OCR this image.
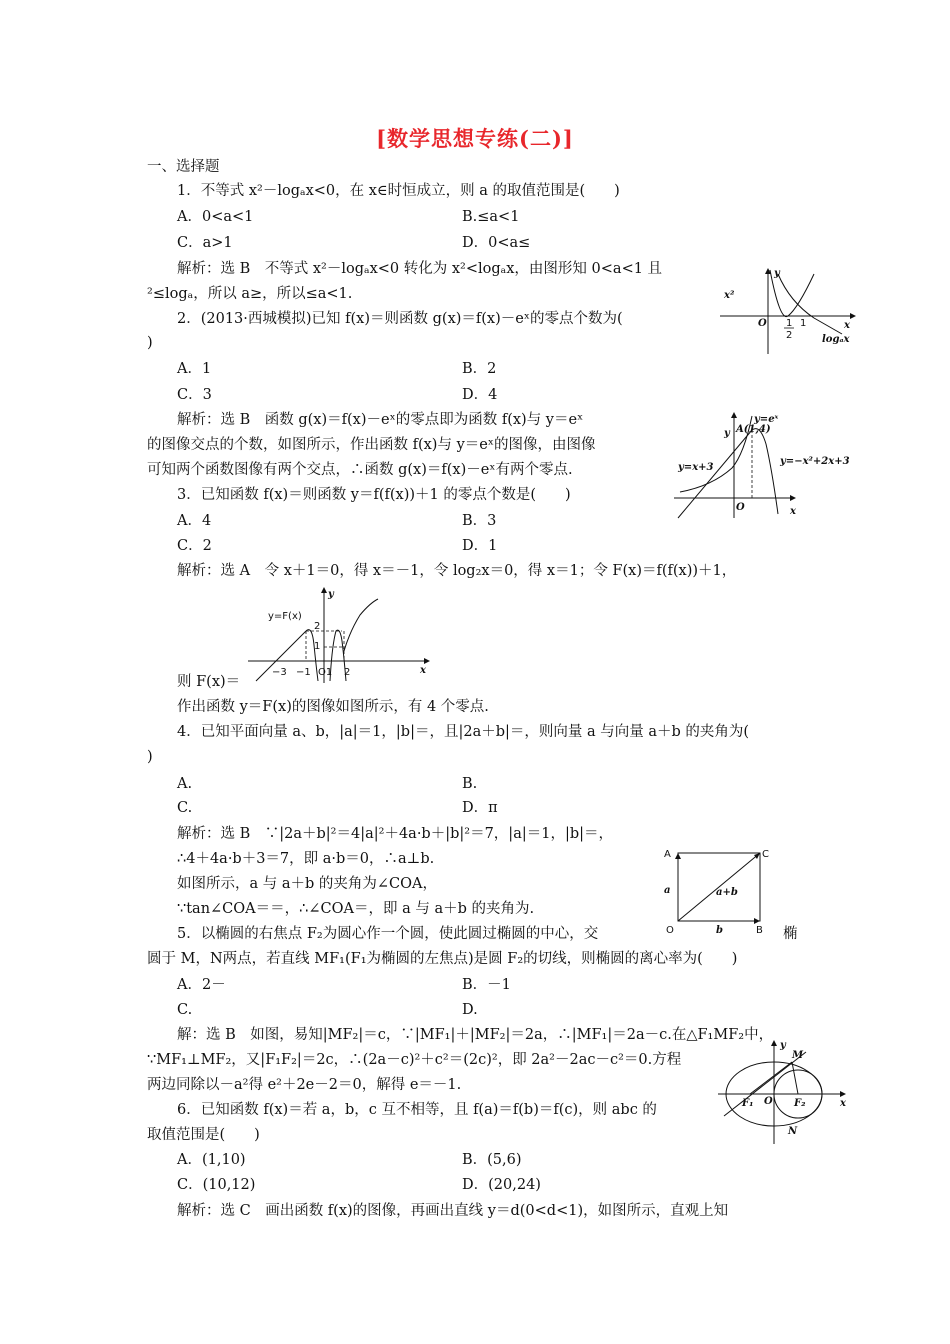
[数学思想专练(二)]
一、选择题
1．不等式 x²－logₐx<0，在 x∈时恒成立，则 a 的取值范围是(　　)
A．0<a<1	B.≤a<1
C．a>1	D．0<a≤
解析：选 B　不等式 x²－logₐx<0 转化为 x²<logₐx，由图形知 0<a<1 且
²≤logₐ，所以 a≥，所以≤a<1.
2．(2013·西城模拟)已知 f(x)＝则函数 g(x)＝f(x)－eˣ的零点个数为(
)
A．1	B．2
C．3	D．4
解析：选 B　函数 g(x)＝f(x)－eˣ的零点即为函数 f(x)与 y＝eˣ
的图像交点的个数，如图所示，作出函数 f(x)与 y＝eˣ的图像，由图像
可知两个函数图像有两个交点，∴函数 g(x)＝f(x)－eˣ有两个零点.
3．已知函数 f(x)＝则函数 y＝f(f(x))＋1 的零点个数是(　　)
A．4	B．3
C．2	D．1
解析：选 A　令 x＋1＝0，得 x＝－1，令 log₂x＝0，得 x＝1；令 F(x)＝f(f(x))＋1，
则 F(x)＝
作出函数 y＝F(x)的图像如图所示，有 4 个零点.
4．已知平面向量 a、b，|a|＝1，|b|＝，且|2a＋b|＝，则向量 a 与向量 a＋b 的夹角为(
)
A.	B.
C.	D．π
解析：选 B　∵|2a＋b|²＝4|a|²＋4a·b＋|b|²＝7，|a|＝1，|b|＝，
∴4＋4a·b＋3＝7，即 a·b＝0，∴a⊥b.
如图所示，a 与 a＋b 的夹角为∠COA，
∵tan∠COA＝＝，∴∠COA＝，即 a 与 a＋b 的夹角为.
5．以椭圆的右焦点 F₂为圆心作一个圆，使此圆过椭圆的中心，交	椭
圆于 M，N两点，若直线 MF₁(F₁为椭圆的左焦点)是圆 F₂的切线，则椭圆的离心率为(　　)
A．2－	B．－1
C.	D.
解：选 B　如图，易知|MF₂|＝c，∵|MF₁|＋|MF₂|＝2a，∴|MF₁|＝2a－c.在△F₁MF₂中，
∵MF₁⊥MF₂，又|F₁F₂|＝2c，∴(2a－c)²＋c²＝(2c)²，即 2a²－2ac－c²＝0.方程
两边同除以－a²得 e²＋2e－2＝0，解得 e＝－1.
6．已知函数 f(x)＝若 a，b，c 互不相等，且 f(a)＝f(b)＝f(c)，则 abc 的
取值范围是(　　)
A．(1,10)	B．(5,6)
C．(10,12)	D．(20,24)
解析：选 C　画出函数 f(x)的图像，再画出直线 y＝d(0<d<1)，如图所示，直观上知
y
x
O
x²
1
2
1
logₐx
y
x
O
y=eˣ
A(1,4)
y=x+3
y=−x²+2x+3
y
x
y=F(x)
2
1
−3 −1 O1 2
A	C
O	B
a
b
a+b
y
x
O
F₁	F₂
M
N
